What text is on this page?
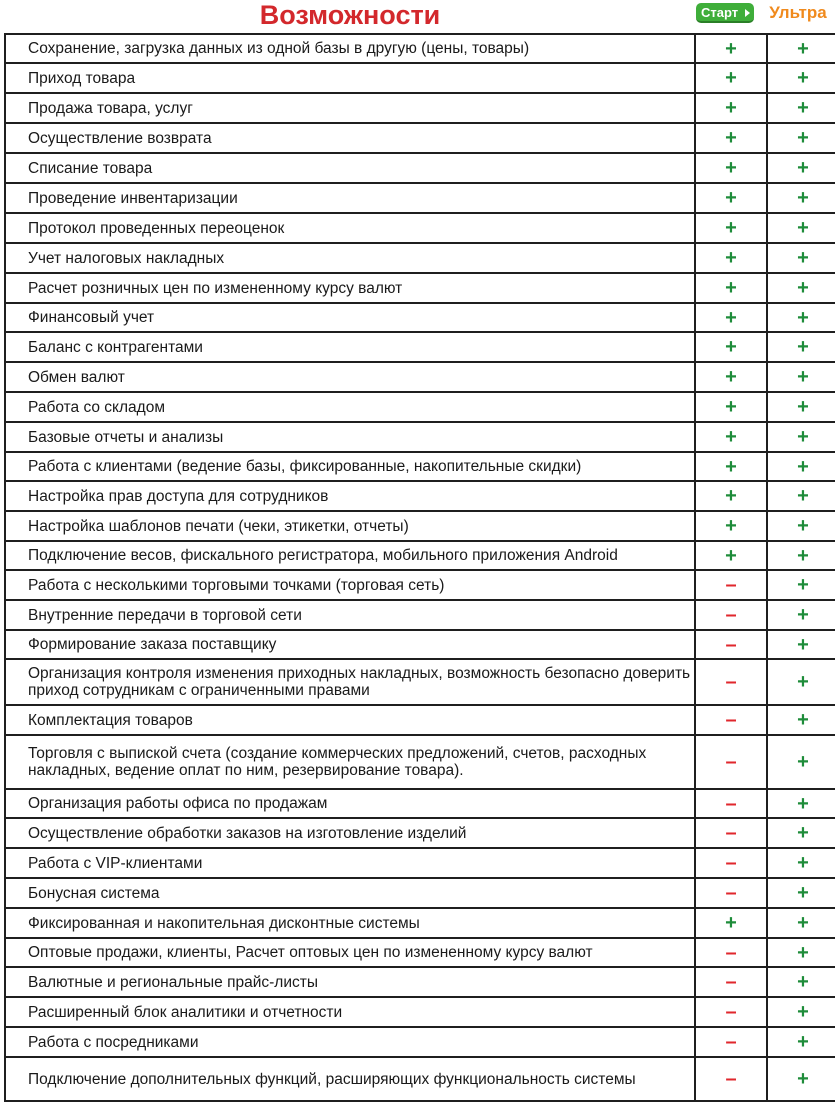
Возможности	Старт	Ультра
Сохранение, загрузка данных из одной базы в другую (цены, товары)	+	+
Приход товара	+	+
Продажа товара, услуг	+	+
Осуществление возврата	+	+
Списание товара	+	+
Проведение инвентаризации	+	+
Протокол проведенных переоценок	+	+
Учет налоговых накладных	+	+
Расчет розничных цен по измененному курсу валют	+	+
Финансовый учет	+	+
Баланс с контрагентами	+	+
Обмен валют	+	+
Работа со складом	+	+
Базовые отчеты и анализы	+	+
Работа с клиентами (ведение базы, фиксированные, накопительные скидки)	+	+
Настройка прав доступа для сотрудников	+	+
Настройка шаблонов печати (чеки, этикетки, отчеты)	+	+
Подключение весов, фискального регистратора, мобильного приложения Android	+	+
Работа с несколькими торговыми точками (торговая сеть)	–	+
Внутренние передачи в торговой сети	–	+
Формирование заказа поставщику	–	+
Организация контроля изменения приходных накладных, возможность безопасно доверить приход сотрудникам с ограниченными правами	–	+
Комплектация товаров	–	+
Торговля с выпиской счета (создание коммерческих предложений, счетов, расходных накладных, ведение оплат по ним, резервирование товара).	–	+
Организация работы офиса по продажам	–	+
Осуществление обработки заказов на изготовление изделий	–	+
Работа с VIP-клиентами	–	+
Бонусная система	–	+
Фиксированная и накопительная дисконтные системы	+	+
Оптовые продажи, клиенты, Расчет оптовых цен по измененному курсу валют	–	+
Валютные и региональные прайс-листы	–	+
Расширенный блок аналитики и отчетности	–	+
Работа с посредниками	–	+
Подключение дополнительных функций, расширяющих функциональность системы	–	+
